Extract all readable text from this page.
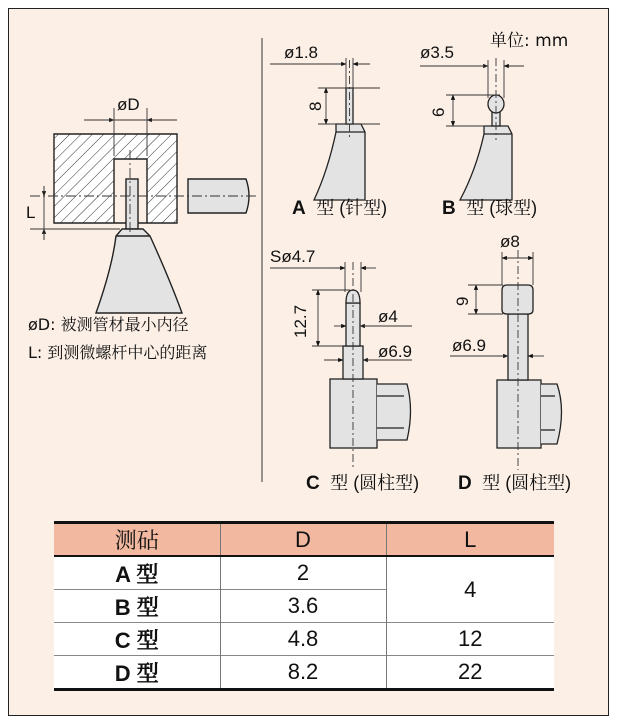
øD
L
ø1.8
8
A 型 (针型)
ø3.5
6
B 型 (球型)
Sø4.7
12.7	ø4
ø6.9
C 型 (圆柱型)
ø8
9
ø6.9
D 型 (圆柱型)
单位: mm
øD: 被测管材最小内径
L: 到测微螺杆中心的距离
测砧	D	L
A 型	2	4
B 型	3.6	
C 型	4.8	12
D 型	8.2	22
